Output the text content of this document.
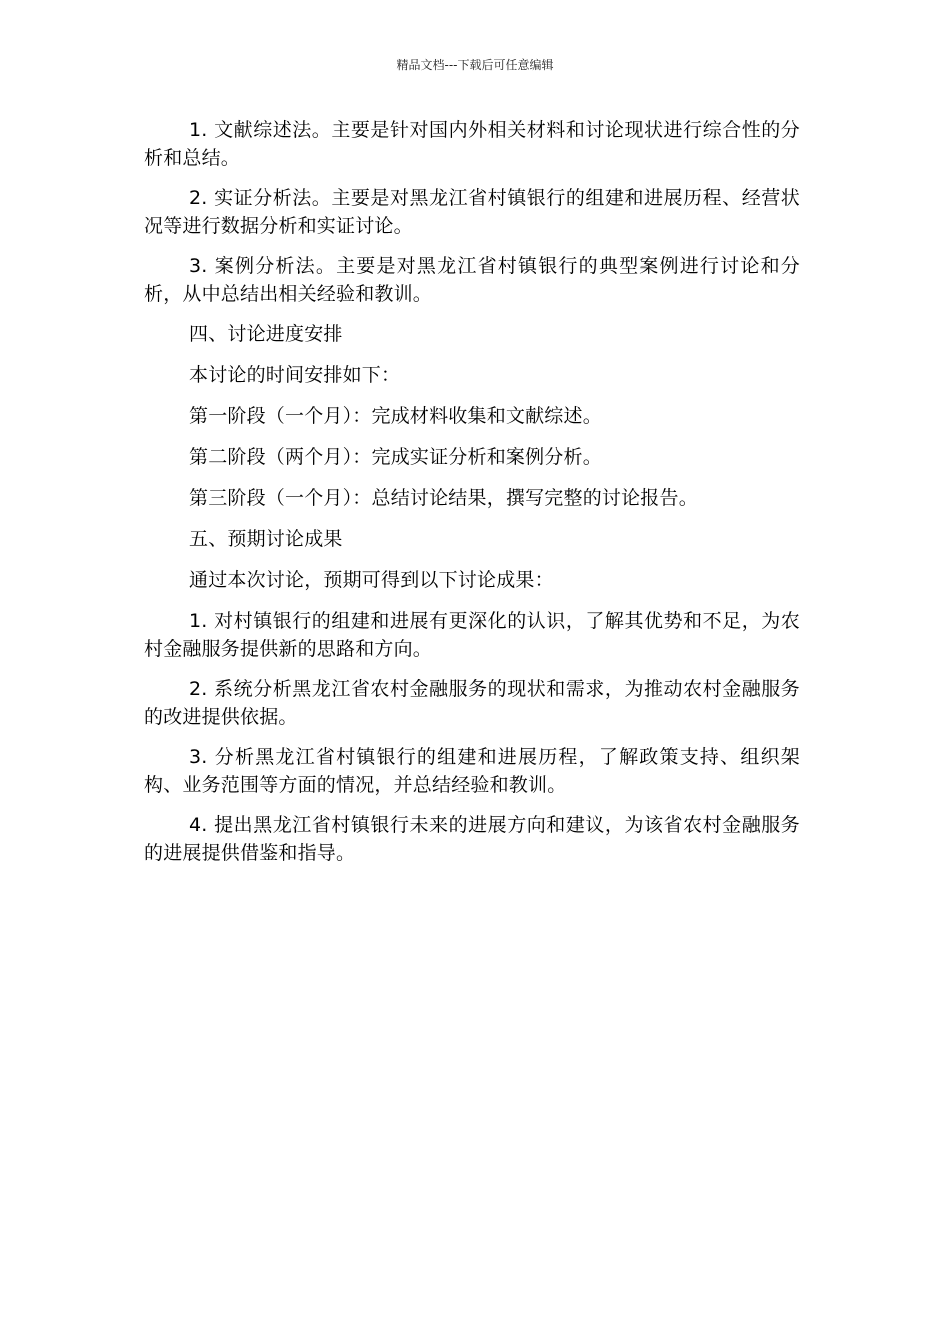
精品文档---下载后可任意编辑

1. 文献综述法。主要是针对国内外相关材料和讨论现状进行综合性的分析和总结。

2. 实证分析法。主要是对黑龙江省村镇银行的组建和进展历程、经营状况等进行数据分析和实证讨论。

3. 案例分析法。主要是对黑龙江省村镇银行的典型案例进行讨论和分析，从中总结出相关经验和教训。

四、讨论进度安排

本讨论的时间安排如下：

第一阶段（一个月）：完成材料收集和文献综述。

第二阶段（两个月）：完成实证分析和案例分析。

第三阶段（一个月）：总结讨论结果，撰写完整的讨论报告。

五、预期讨论成果

通过本次讨论，预期可得到以下讨论成果：

1. 对村镇银行的组建和进展有更深化的认识，了解其优势和不足，为农村金融服务提供新的思路和方向。

2. 系统分析黑龙江省农村金融服务的现状和需求，为推动农村金融服务的改进提供依据。

3. 分析黑龙江省村镇银行的组建和进展历程，了解政策支持、组织架构、业务范围等方面的情况，并总结经验和教训。

4. 提出黑龙江省村镇银行未来的进展方向和建议，为该省农村金融服务的进展提供借鉴和指导。
